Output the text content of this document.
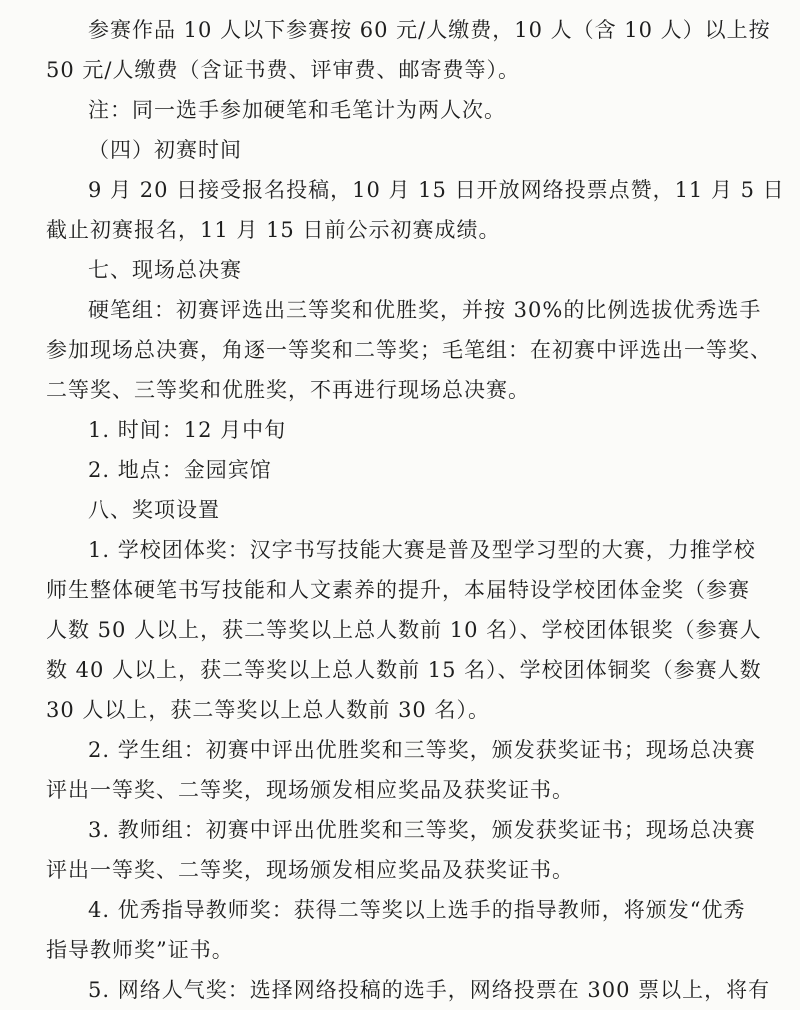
参赛作品 10 人以下参赛按 60 元/人缴费，10 人（含 10 人）以上按
50 元/人缴费（含证书费、评审费、邮寄费等）。
注：同一选手参加硬笔和毛笔计为两人次。
（四）初赛时间
9 月 20 日接受报名投稿，10 月 15 日开放网络投票点赞，11 月 5 日
截止初赛报名，11 月 15 日前公示初赛成绩。
七、现场总决赛
硬笔组：初赛评选出三等奖和优胜奖，并按 30%的比例选拔优秀选手
参加现场总决赛，角逐一等奖和二等奖；毛笔组：在初赛中评选出一等奖、
二等奖、三等奖和优胜奖，不再进行现场总决赛。
1. 时间：12 月中旬
2. 地点：金园宾馆
八、奖项设置
1. 学校团体奖：汉字书写技能大赛是普及型学习型的大赛，力推学校
师生整体硬笔书写技能和人文素养的提升，本届特设学校团体金奖（参赛
人数 50 人以上，获二等奖以上总人数前 10 名）、学校团体银奖（参赛人
数 40 人以上，获二等奖以上总人数前 15 名）、学校团体铜奖（参赛人数
30 人以上，获二等奖以上总人数前 30 名）。
2. 学生组：初赛中评出优胜奖和三等奖，颁发获奖证书；现场总决赛
评出一等奖、二等奖，现场颁发相应奖品及获奖证书。
3. 教师组：初赛中评出优胜奖和三等奖，颁发获奖证书；现场总决赛
评出一等奖、二等奖，现场颁发相应奖品及获奖证书。
4. 优秀指导教师奖：获得二等奖以上选手的指导教师，将颁发“优秀
指导教师奖”证书。
5. 网络人气奖：选择网络投稿的选手，网络投票在 300 票以上，将有
